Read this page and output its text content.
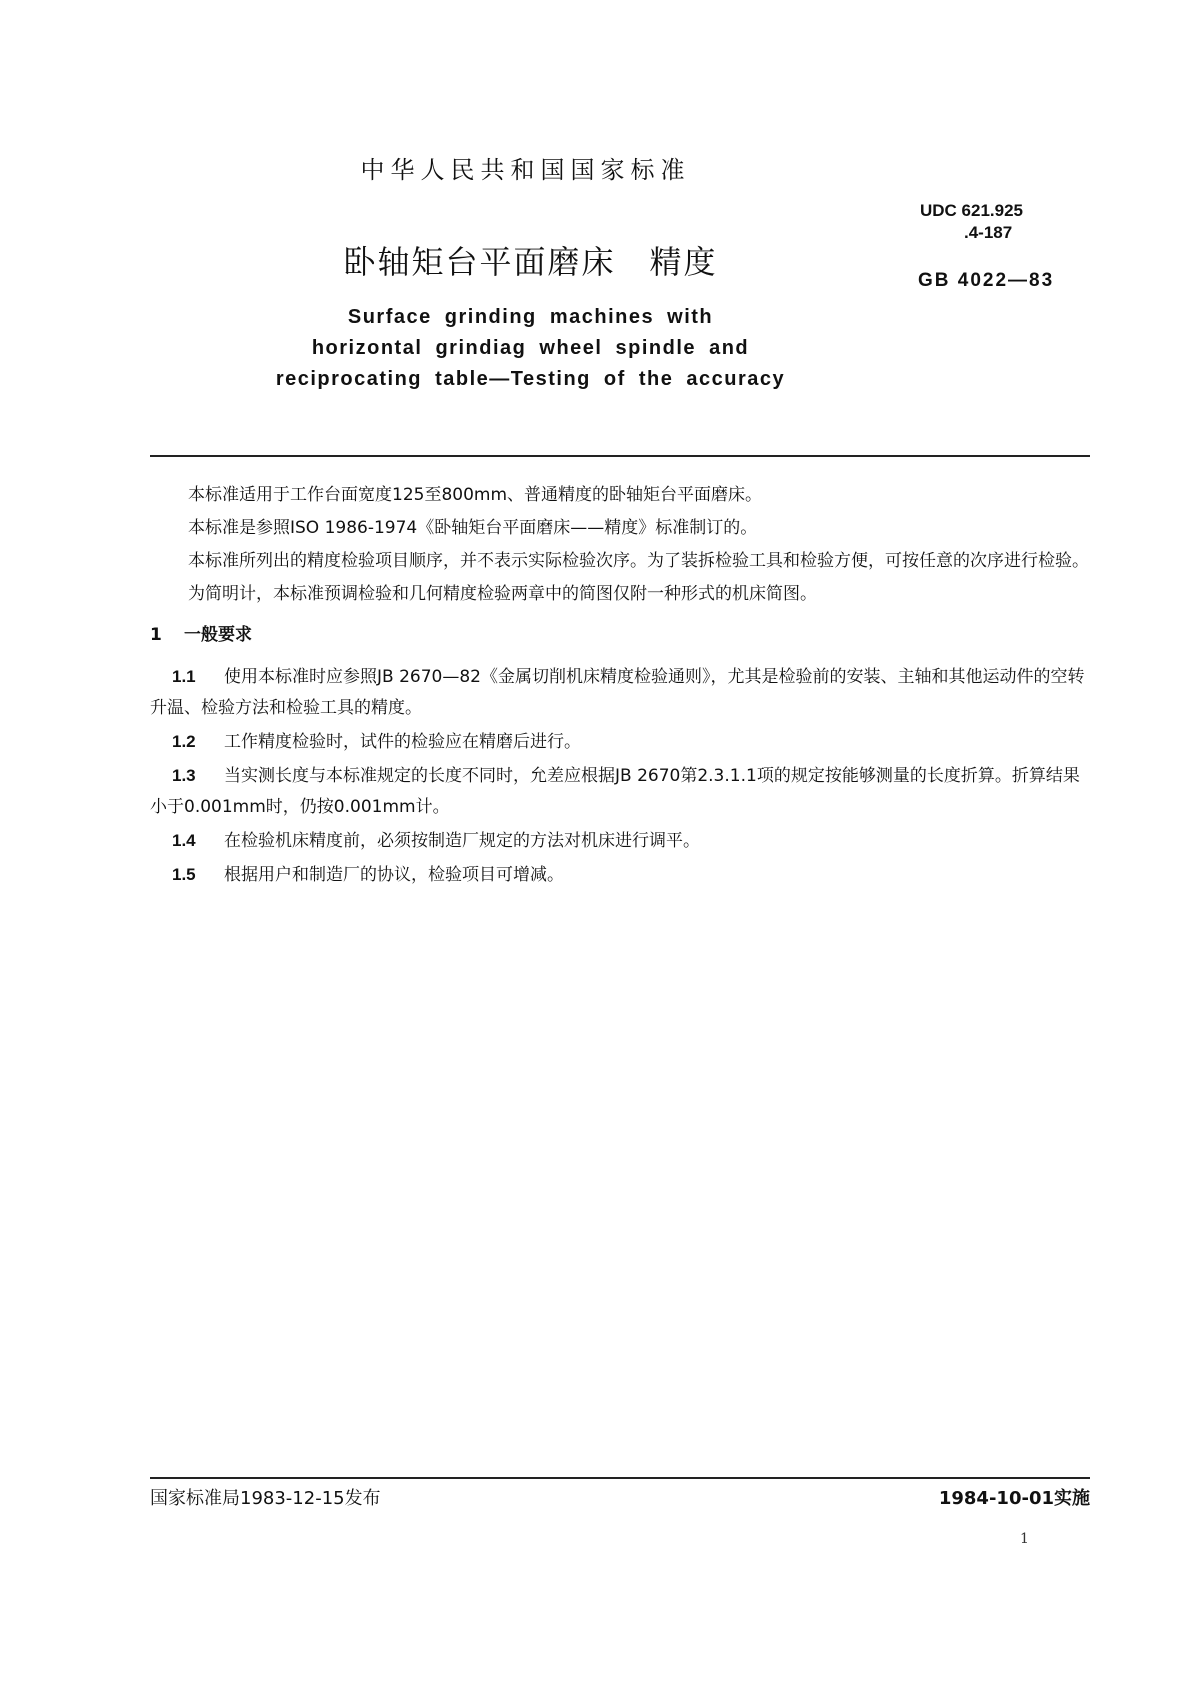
中华人民共和国国家标准
UDC 621.925
.4-187
GB 4022—83
卧轴矩台平面磨床　精度
Surface grinding machines with
horizontal grindiag wheel spindle and
reciprocating table—Testing of the accuracy

本标准适用于工作台面宽度125至800mm、普通精度的卧轴矩台平面磨床。

本标准是参照ISO 1986-1974《卧轴矩台平面磨床——精度》标准制订的。

本标准所列出的精度检验项目顺序，并不表示实际检验次序。为了装拆检验工具和检验方便，可按任意的次序进行检验。

为简明计，本标准预调检验和几何精度检验两章中的简图仅附一种形式的机床简图。

1 一般要求

1.1 使用本标准时应参照JB 2670—82《金属切削机床精度检验通则》，尤其是检验前的安装、主轴和其他运动件的空转升温、检验方法和检验工具的精度。

1.2 工作精度检验时，试件的检验应在精磨后进行。

1.3 当实测长度与本标准规定的长度不同时，允差应根据JB 2670第2.3.1.1项的规定按能够测量的长度折算。折算结果小于0.001mm时，仍按0.001mm计。

1.4 在检验机床精度前，必须按制造厂规定的方法对机床进行调平。

1.5 根据用户和制造厂的协议，检验项目可增减。

国家标准局1983-12-15发布	1984-10-01实施
1
